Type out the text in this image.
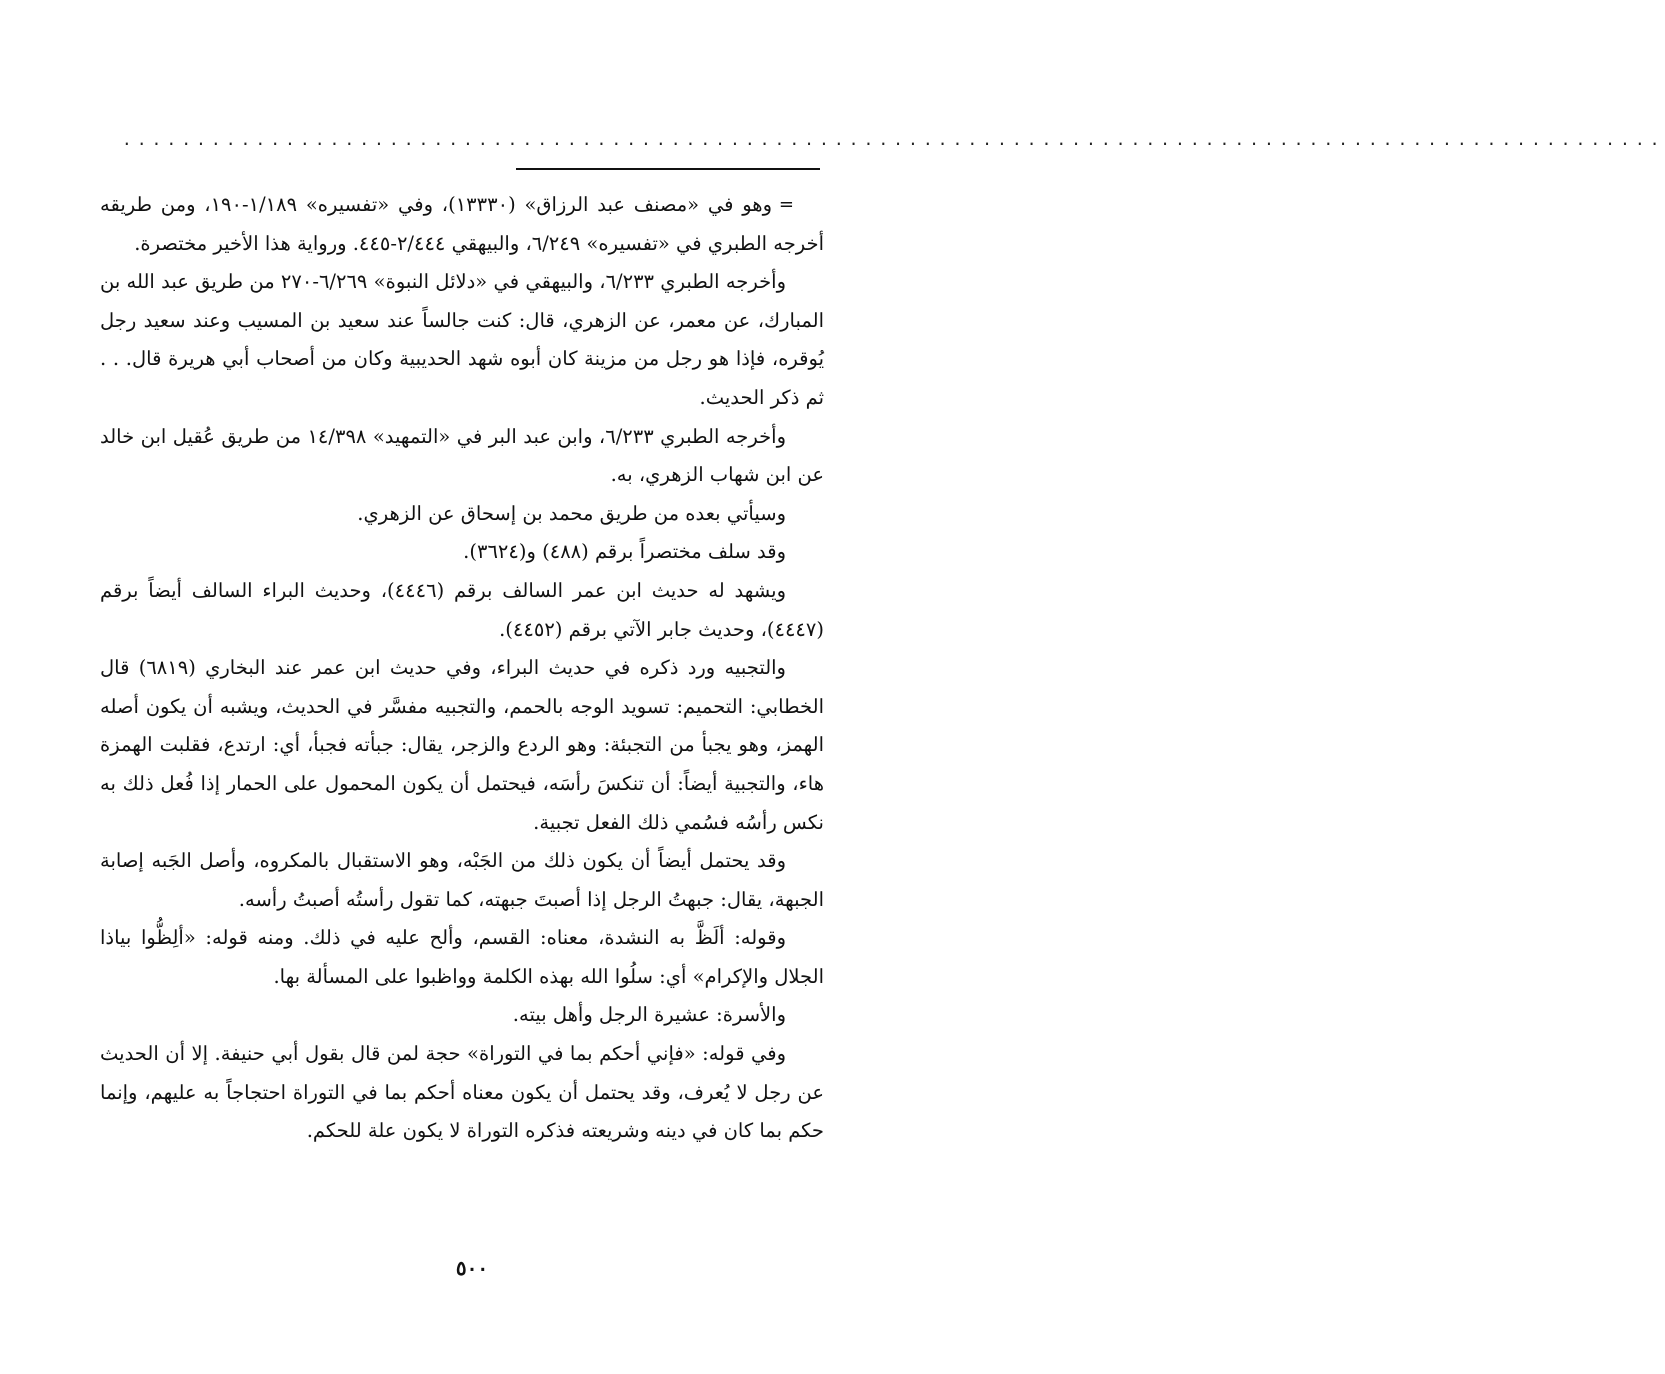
........................................................................................................

=
وهو في «مصنف عبد الرزاق» (١٣٣٣٠)، وفي «تفسيره» ١/١٨٩-١٩٠، ومن طريقه أخرجه الطبري في «تفسيره» ٦/٢٤٩، والبيهقي ٢/٤٤٤-٤٤٥. ورواية هذا الأخير مختصرة.

وأخرجه الطبري ٦/٢٣٣، والبيهقي في «دلائل النبوة» ٦/٢٦٩-٢٧٠ من طريق عبد الله بن المبارك، عن معمر، عن الزهري، قال: كنت جالساً عند سعيد بن المسيب وعند سعيد رجل يُوقره، فإذا هو رجل من مزينة كان أبوه شهد الحديبية وكان من أصحاب أبي هريرة قال. . . ثم ذكر الحديث.

وأخرجه الطبري ٦/٢٣٣، وابن عبد البر في «التمهيد» ١٤/٣٩٨ من طريق عُقيل ابن خالد عن ابن شهاب الزهري، به.

وسيأتي بعده من طريق محمد بن إسحاق عن الزهري.

وقد سلف مختصراً برقم (٤٨٨) و(٣٦٢٤).

ويشهد له حديث ابن عمر السالف برقم (٤٤٤٦)، وحديث البراء السالف أيضاً برقم (٤٤٤٧)، وحديث جابر الآتي برقم (٤٤٥٢).

والتجبيه ورد ذكره في حديث البراء، وفي حديث ابن عمر عند البخاري (٦٨١٩) قال الخطابي: التحميم: تسويد الوجه بالحمم، والتجبيه مفسَّر في الحديث، ويشبه أن يكون أصله الهمز، وهو يجبأ من التجبئة: وهو الردع والزجر، يقال: جبأته فجبأ، أي: ارتدع، فقلبت الهمزة هاء، والتجبية أيضاً: أن تنكسَ رأسَه، فيحتمل أن يكون المحمول على الحمار إذا فُعل ذلك به نكس رأسُه فسُمي ذلك الفعل تجبية.

وقد يحتمل أيضاً أن يكون ذلك من الجَبْه، وهو الاستقبال بالمكروه، وأصل الجَبه إصابة الجبهة، يقال: جبهتُ الرجل إذا أصبتَ جبهته، كما تقول رأستُه أصبتُ رأسه.

وقوله: ألَظَّ به النشدة، معناه: القسم، وألح عليه في ذلك. ومنه قوله: «ألِظُّوا بياذا الجلال والإكرام» أي: سلُوا الله بهذه الكلمة وواظبوا على المسألة بها.

والأسرة: عشيرة الرجل وأهل بيته.

وفي قوله: «فإني أحكم بما في التوراة» حجة لمن قال بقول أبي حنيفة. إلا أن الحديث عن رجل لا يُعرف، وقد يحتمل أن يكون معناه أحكم بما في التوراة احتجاجاً به عليهم، وإنما حكم بما كان في دينه وشريعته فذكره التوراة لا يكون علة للحكم.

٥٠٠
